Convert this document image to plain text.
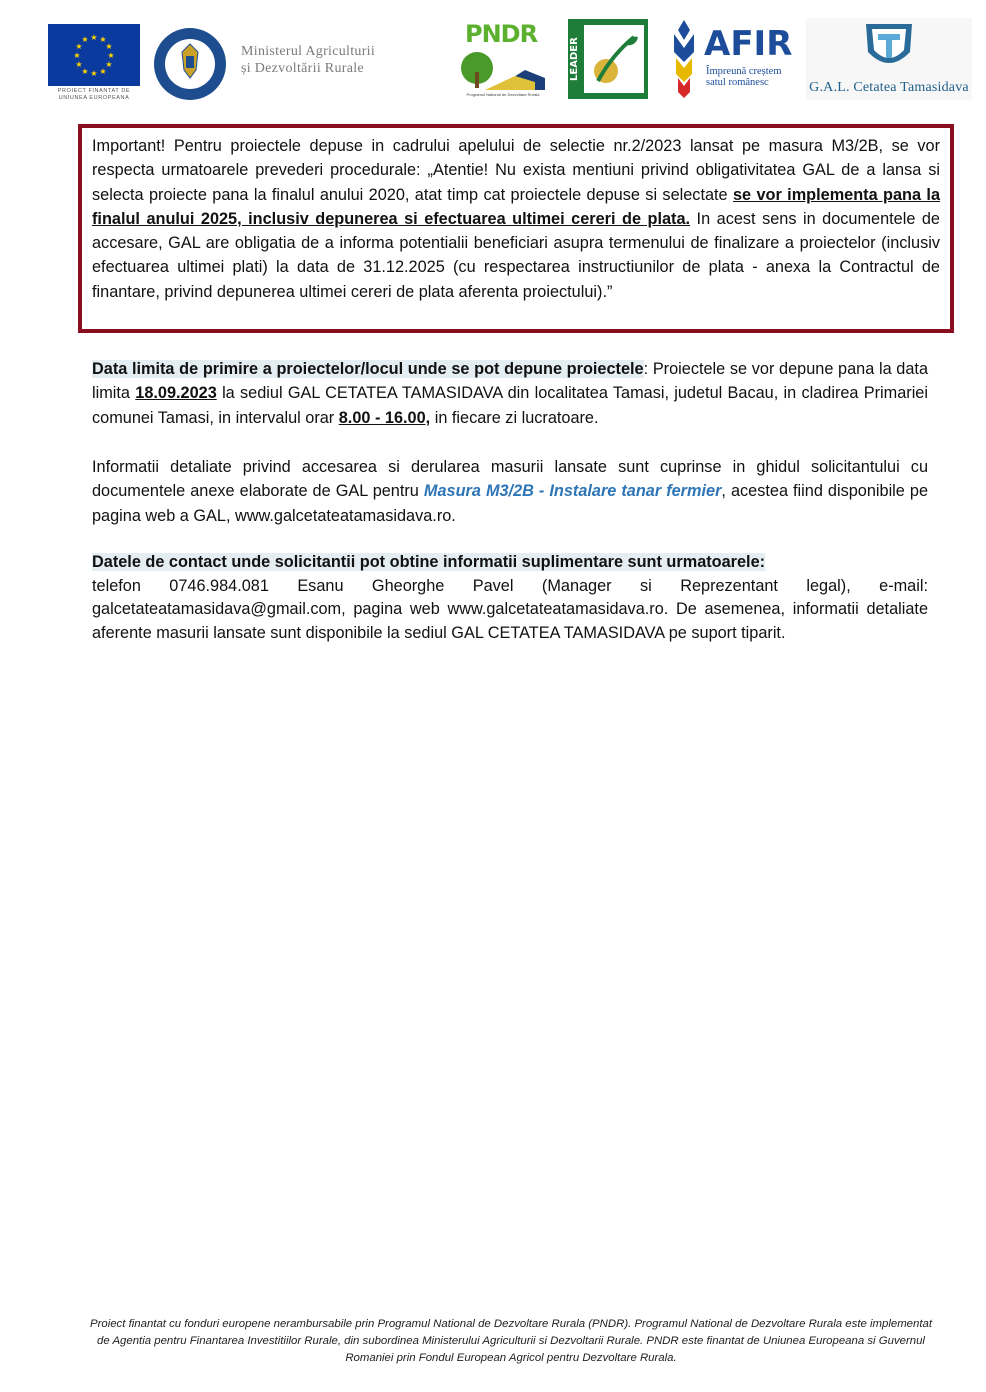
★ ★
★
★
★
★
★
★
★
★
★
★
PROIECT FINANTAT DE UNIUNEA EUROPEANA
Ministerul Agriculturii
și Dezvoltării Rurale
PNDR
Programul National de Dezvoltare Rurala
LEADER	AFIR
Împreună creștem
satul românesc	G.A.L. Cetatea Tamasidava

Important! Pentru proiectele depuse in cadrului apelului de selectie nr.2/2023 lansat pe masura M3/2B, se vor respecta urmatoarele prevederi procedurale: „Atentie! Nu exista mentiuni privind obligativitatea GAL de a lansa si selecta proiecte pana la finalul anului 2020, atat timp cat proiectele depuse si selectate se vor implementa pana la finalul anului 2025, inclusiv depunerea si efectuarea ultimei cereri de plata. In acest sens in documentele de accesare, GAL are obligatia de a informa potentialii beneficiari asupra termenului de finalizare a proiectelor (inclusiv efectuarea ultimei plati) la data de 31.12.2025 (cu respectarea instructiunilor de plata - anexa la Contractul de finantare, privind depunerea ultimei cereri de plata aferenta proiectului).”

Data limita de primire a proiectelor/locul unde se pot depune proiectele: Proiectele se vor depune pana la data limita 18.09.2023 la sediul GAL CETATEA TAMASIDAVA din localitatea Tamasi, judetul Bacau, in cladirea Primariei comunei Tamasi, in intervalul orar 8.00 - 16.00, in fiecare zi lucratoare.

Informatii detaliate privind accesarea si derularea masurii lansate sunt cuprinse in ghidul solicitantului cu documentele anexe elaborate de GAL pentru Masura M3/2B - Instalare tanar fermier, acestea fiind disponibile pe pagina web a GAL, www.galcetateatamasidava.ro.

Datele de contact unde solicitantii pot obtine informatii suplimentare sunt urmatoarele:

telefon 0746.984.081 Esanu Gheorghe Pavel (Manager si Reprezentant legal), e-mail: galcetateatamasidava@gmail.com, pagina web www.galcetateatamasidava.ro. De asemenea, informatii detaliate aferente masurii lansate sunt disponibile la sediul GAL CETATEA TAMASIDAVA pe suport tiparit.

Proiect finantat cu fonduri europene nerambursabile prin Programul National de Dezvoltare Rurala (PNDR). Programul National de Dezvoltare Rurala este implementat de Agentia pentru Finantarea Investitiilor Rurale, din subordinea Ministerului Agriculturii si Dezvoltarii Rurale. PNDR este finantat de Uniunea Europeana si Guvernul Romaniei prin Fondul European Agricol pentru Dezvoltare Rurala.
